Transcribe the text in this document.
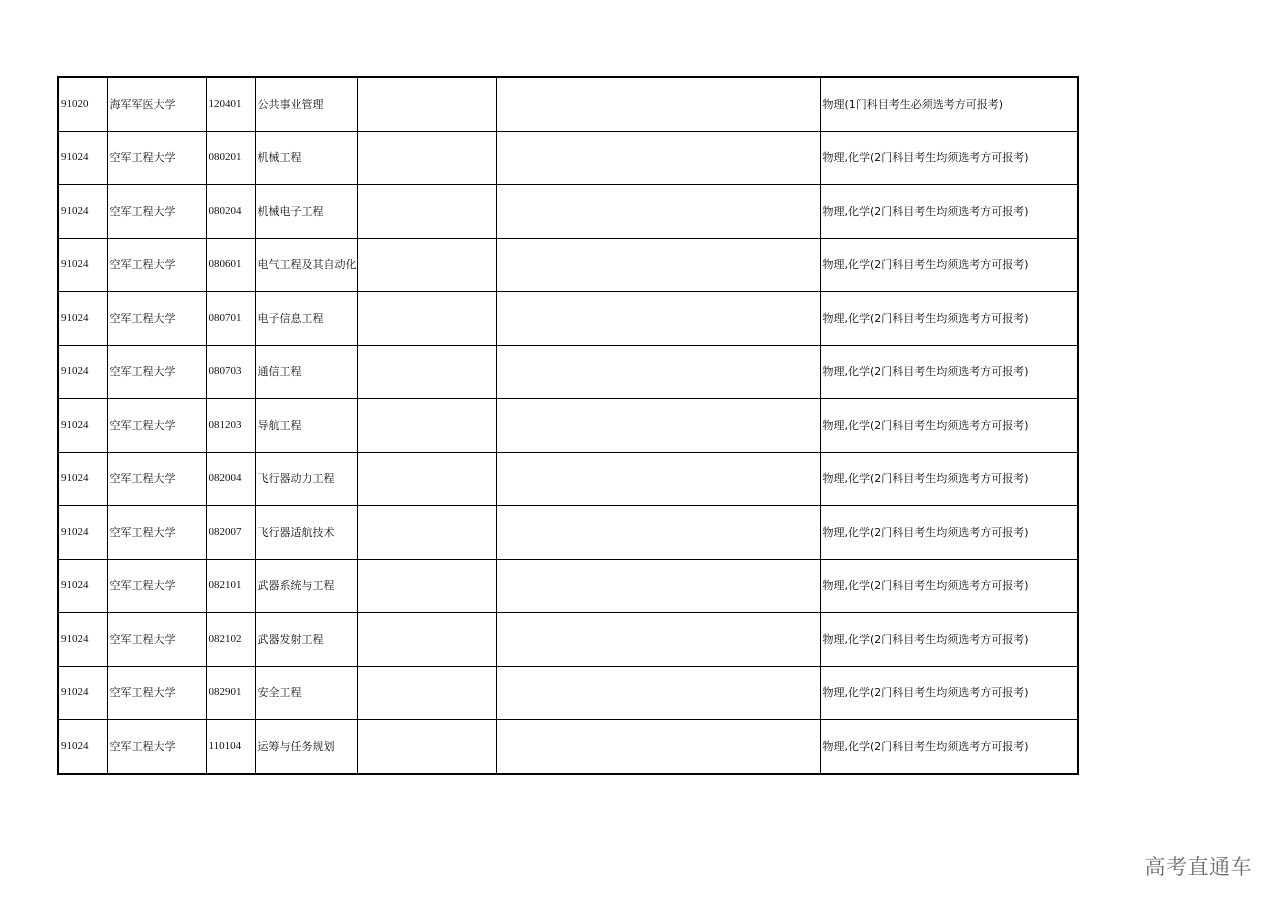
91020	海军军医大学	120401	公共事业管理			物理(1门科目考生必须选考方可报考)
91024	空军工程大学	080201	机械工程			物理,化学(2门科目考生均须选考方可报考)
91024	空军工程大学	080204	机械电子工程			物理,化学(2门科目考生均须选考方可报考)
91024	空军工程大学	080601	电气工程及其自动化			物理,化学(2门科目考生均须选考方可报考)
91024	空军工程大学	080701	电子信息工程			物理,化学(2门科目考生均须选考方可报考)
91024	空军工程大学	080703	通信工程			物理,化学(2门科目考生均须选考方可报考)
91024	空军工程大学	081203	导航工程			物理,化学(2门科目考生均须选考方可报考)
91024	空军工程大学	082004	飞行器动力工程			物理,化学(2门科目考生均须选考方可报考)
91024	空军工程大学	082007	飞行器适航技术			物理,化学(2门科目考生均须选考方可报考)
91024	空军工程大学	082101	武器系统与工程			物理,化学(2门科目考生均须选考方可报考)
91024	空军工程大学	082102	武器发射工程			物理,化学(2门科目考生均须选考方可报考)
91024	空军工程大学	082901	安全工程			物理,化学(2门科目考生均须选考方可报考)
91024	空军工程大学	110104	运筹与任务规划			物理,化学(2门科目考生均须选考方可报考)
高考直通车
